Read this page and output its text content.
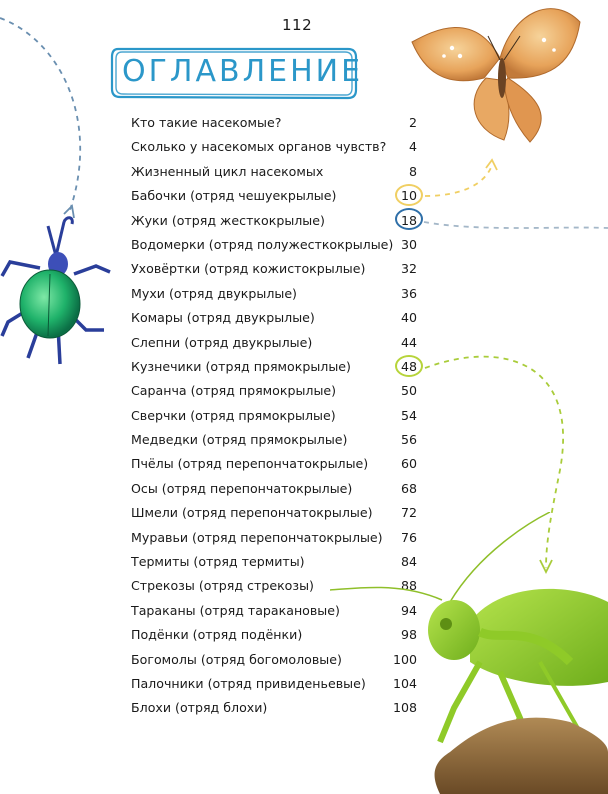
112
ОГЛАВЛЕНИЕ
Кто такие насекомые?	2
Сколько у насекомых органов чувств? 4
Жизненный цикл насекомых	8
Бабочки (отряд чешуекрылые)	10
Жуки (отряд жесткокрылые)	18
Водомерки (отряд полужесткокрылые) 30
Уховёртки (отряд кожистокрылые)	32
Мухи (отряд двукрылые)	36
Комары (отряд двукрылые)	40
Слепни (отряд двукрылые)	44
Кузнечики (отряд прямокрылые)	48
Саранча (отряд прямокрылые)	50
Сверчки (отряд прямокрылые)	54
Медведки (отряд прямокрылые)	56
Пчёлы (отряд перепончатокрылые)	60
Осы (отряд перепончатокрылые)	68
Шмели (отряд перепончатокрылые) 72
Муравьи (отряд перепончатокрылые) 76
Термиты (отряд термиты)	84
Стрекозы (отряд стрекозы)	88
Тараканы (отряд таракановые)	94
Подёнки (отряд подёнки)	98
Богомолы (отряд богомоловые)	100
Палочники (отряд привиденьевые) 104
Блохи (отряд блохи)	108
